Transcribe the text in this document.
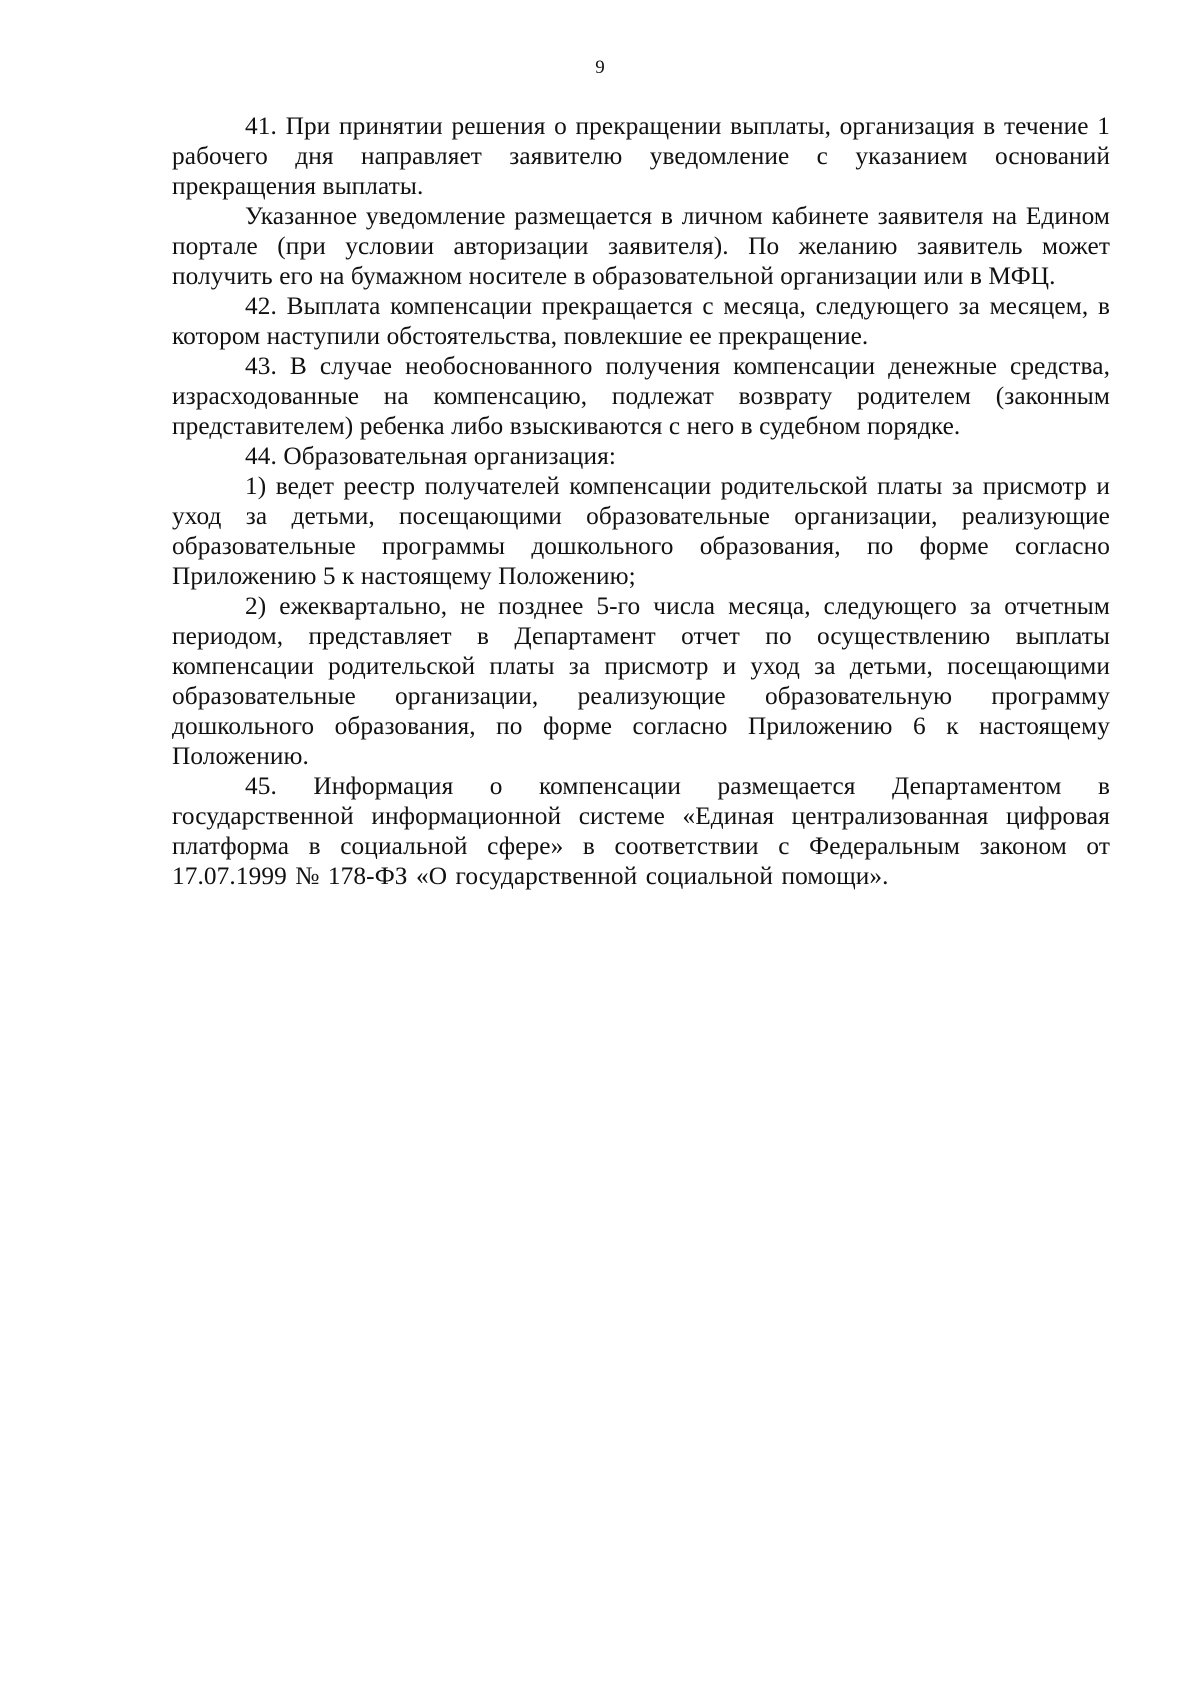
9

41. При принятии решения о прекращении выплаты, организация в течение 1 рабочего дня направляет заявителю уведомление с указанием оснований прекращения выплаты.

Указанное уведомление размещается в личном кабинете заявителя на Едином портале (при условии авторизации заявителя). По желанию заявитель может получить его на бумажном носителе в образовательной организации или в МФЦ.

42. Выплата компенсации прекращается с месяца, следующего за месяцем, в котором наступили обстоятельства, повлекшие ее прекращение.

43. В случае необоснованного получения компенсации денежные средства, израсходованные на компенсацию, подлежат возврату родителем (законным представителем) ребенка либо взыскиваются с него в судебном порядке.

44. Образовательная организация:

1) ведет реестр получателей компенсации родительской платы за присмотр и уход за детьми, посещающими образовательные организации, реализующие образовательные программы дошкольного образования, по форме согласно Приложению 5 к настоящему Положению;

2) ежеквартально, не позднее 5-го числа месяца, следующего за отчетным периодом, представляет в Департамент отчет по осуществлению выплаты компенсации родительской платы за присмотр и уход за детьми, посещающими образовательные организации, реализующие образовательную программу дошкольного образования, по форме согласно Приложению 6 к настоящему Положению.

45. Информация о компенсации размещается Департаментом в государственной информационной системе «Единая централизованная цифровая платформа в социальной сфере» в соответствии с Федеральным законом от 17.07.1999 № 178-ФЗ «О государственной социальной помощи».
